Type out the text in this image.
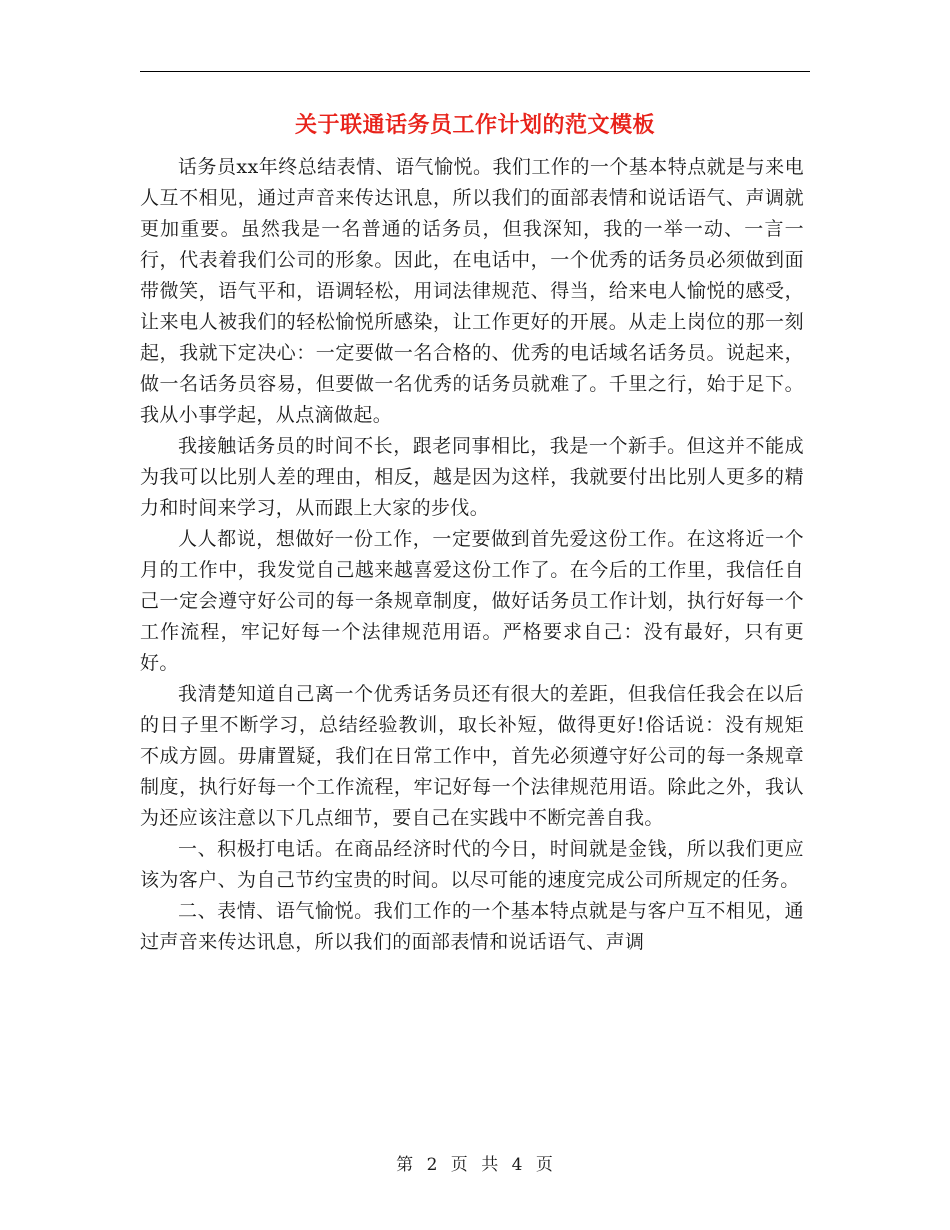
关于联通话务员工作计划的范文模板

话务员xx年终总结表情、语气愉悦。我们工作的一个基本特点就是与来电人互不相见，通过声音来传达讯息，所以我们的面部表情和说话语气、声调就更加重要。虽然我是一名普通的话务员，但我深知，我的一举一动、一言一行，代表着我们公司的形象。因此，在电话中，一个优秀的话务员必须做到面带微笑，语气平和，语调轻松，用词法律规范、得当，给来电人愉悦的感受，让来电人被我们的轻松愉悦所感染，让工作更好的开展。从走上岗位的那一刻起，我就下定决心：一定要做一名合格的、优秀的电话域名话务员。说起来，做一名话务员容易，但要做一名优秀的话务员就难了。千里之行，始于足下。我从小事学起，从点滴做起。

我接触话务员的时间不长，跟老同事相比，我是一个新手。但这并不能成为我可以比别人差的理由，相反，越是因为这样，我就要付出比别人更多的精力和时间来学习，从而跟上大家的步伐。

人人都说，想做好一份工作，一定要做到首先爱这份工作。在这将近一个月的工作中，我发觉自己越来越喜爱这份工作了。在今后的工作里，我信任自己一定会遵守好公司的每一条规章制度，做好话务员工作计划，执行好每一个工作流程，牢记好每一个法律规范用语。严格要求自己：没有最好，只有更好。

我清楚知道自己离一个优秀话务员还有很大的差距，但我信任我会在以后的日子里不断学习，总结经验教训，取长补短，做得更好!俗话说：没有规矩不成方圆。毋庸置疑，我们在日常工作中，首先必须遵守好公司的每一条规章制度，执行好每一个工作流程，牢记好每一个法律规范用语。除此之外，我认为还应该注意以下几点细节，要自己在实践中不断完善自我。

一、积极打电话。在商品经济时代的今日，时间就是金钱，所以我们更应该为客户、为自己节约宝贵的时间。以尽可能的速度完成公司所规定的任务。

二、表情、语气愉悦。我们工作的一个基本特点就是与客户互不相见，通过声音来传达讯息，所以我们的面部表情和说话语气、声调

第 2 页 共 4 页
